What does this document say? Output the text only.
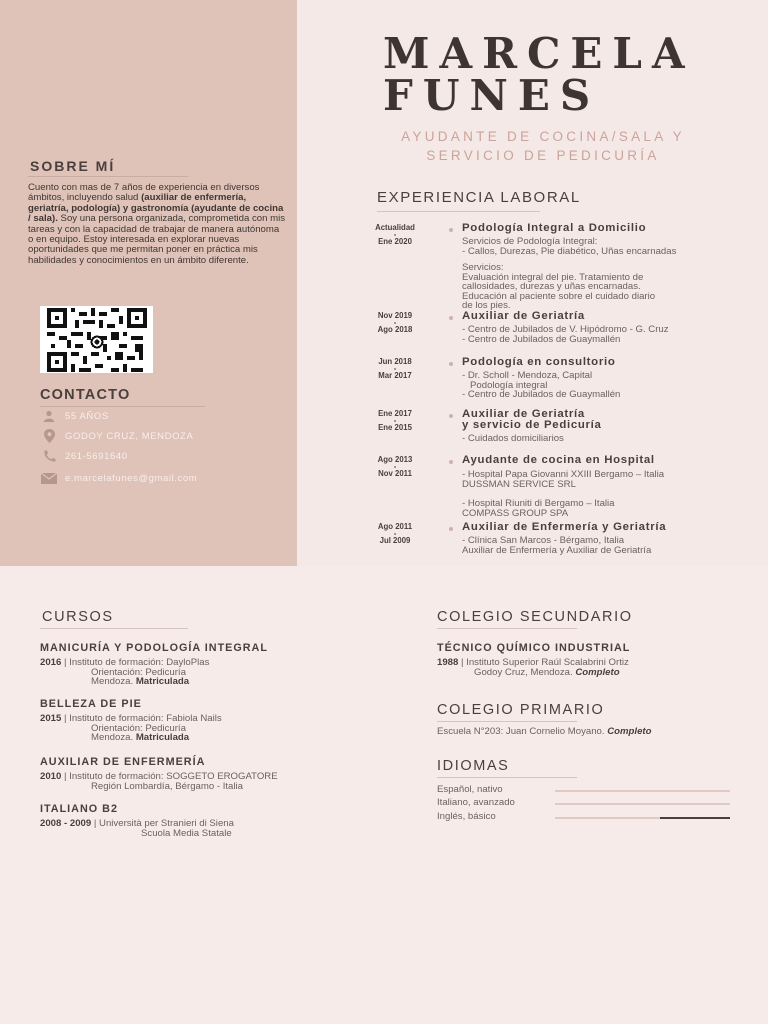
MARCELA
FUNES
AYUDANTE DE COCINA/SALA Y
SERVICIO DE PEDICURÍA
SOBRE MÍ
Cuento con mas de 7 años de experiencia en diversos ámbitos, incluyendo salud (auxiliar de enfermería, geriatría, podología) y gastronomía (ayudante de cocina / sala). Soy una persona organizada, comprometida con mis tareas y con la capacidad de trabajar de manera autónoma o en equipo. Estoy interesada en explorar nuevas oportunidades que me permitan poner en práctica mis habilidades y conocimientos en un ámbito diferente.
CONTACTO
55 AÑOS
GODOY CRUZ, MENDOZA
261-5691640
e.marcelafunes@gmail.com
EXPERIENCIA LABORAL
Actualidad
-
Ene 2020
Podología Integral a Domicilio
Servicios de Podología Integral:
- Callos, Durezas, Pie diabético, Uñas encarnadas
Servicios:
Evaluación integral del pie. Tratamiento de
callosidades, durezas y uñas encarnadas.
Educación al paciente sobre el cuidado diario
de los pies.
Nov 2019
-
Ago 2018
Auxiliar de Geriatría
- Centro de Jubilados de V. Hipódromo - G. Cruz
- Centro de Jubilados de Guaymallén
Jun 2018
-
Mar 2017
Podología en consultorio
- Dr. Scholl - Mendoza, Capital
Podología integral
- Centro de Jubilados de Guaymallén
Ene 2017
-
Ene 2015
Auxiliar de Geriatría
y servicio de Pedicuría
- Cuidados domiciliarios
Ago 2013
-
Nov 2011
Ayudante de cocina en Hospital
- Hospital Papa Giovanni XXIII Bergamo – Italia
DUSSMAN SERVICE SRL
- Hospital Riuniti di Bergamo – Italia
COMPASS GROUP SPA
Ago 2011
-
Jul 2009
Auxiliar de Enfermería y Geriatría
- Clínica San Marcos - Bérgamo, Italia
Auxiliar de Enfermería y Auxiliar de Geriatría
CURSOS
MANICURÍA Y PODOLOGÍA INTEGRAL
2016 | Instituto de formación: DayloPlas
Orientación: Pedicuría
Mendoza. Matriculada
BELLEZA DE PIE
2015 | Instituto de formación: Fabiola Nails
Orientación: Pedicuría
Mendoza. Matriculada
AUXILIAR DE ENFERMERÍA
2010 | Instituto de formación: SOGGETO EROGATORE
Región Lombardía, Bérgamo - Italia
ITALIANO B2
2008 - 2009 | Università per Stranieri di Siena
Scuola Media Statale
COLEGIO SECUNDARIO
TÉCNICO QUÍMICO INDUSTRIAL
1988 | Instituto Superior Raúl Scalabrini Ortiz
Godoy Cruz, Mendoza. Completo
COLEGIO PRIMARIO
Escuela N°203: Juan Cornelio Moyano. Completo
IDIOMAS
Español, nativo
Italiano, avanzado
Inglés, básico
